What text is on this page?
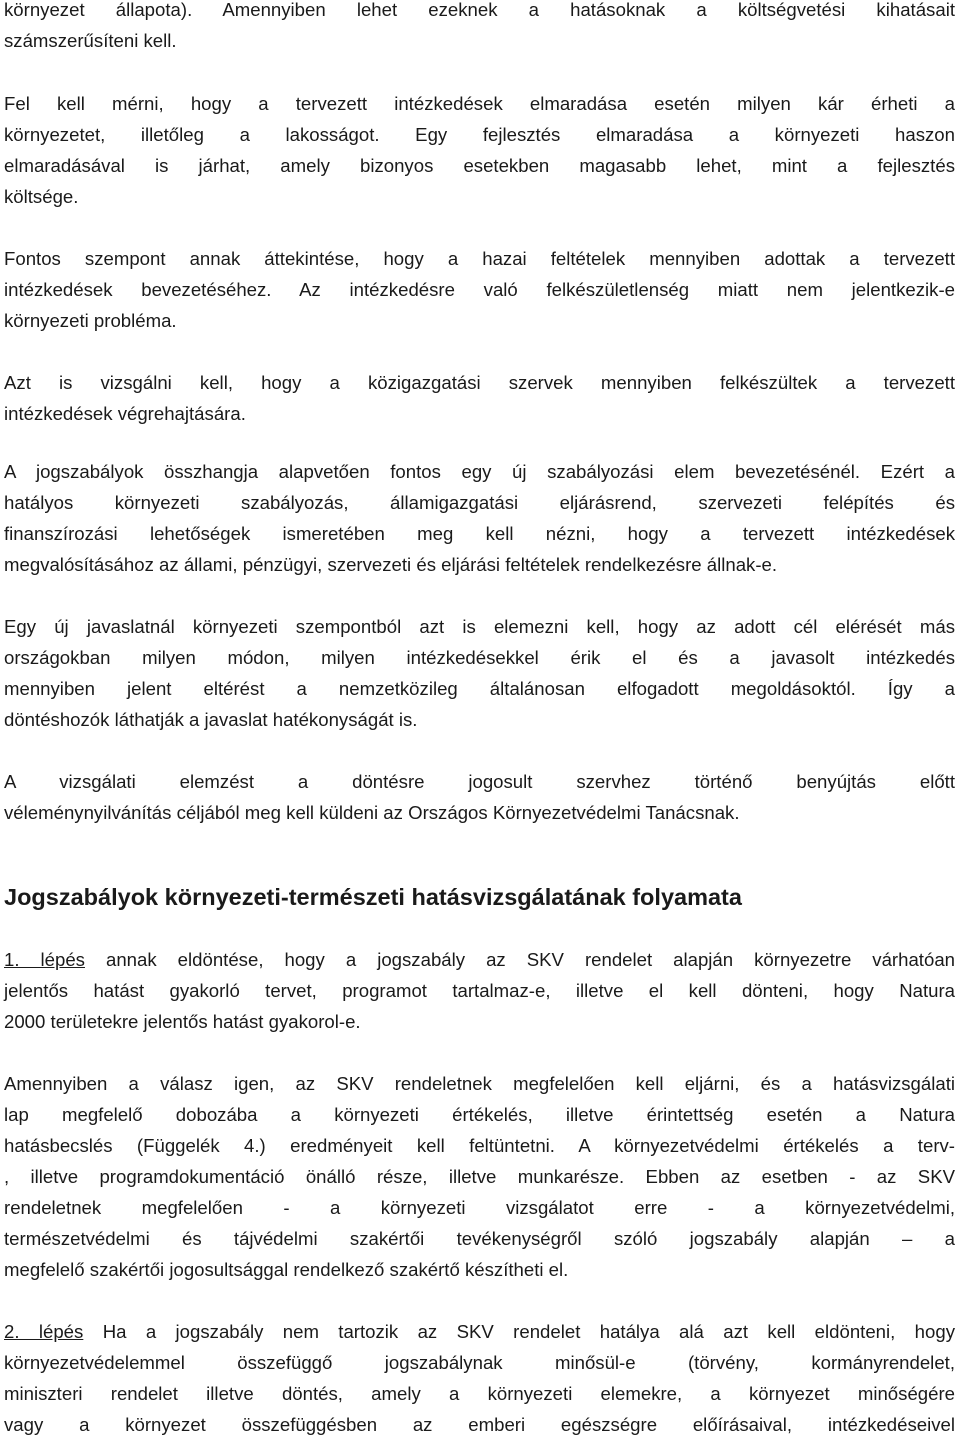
környezet állapota). Amennyiben lehet ezeknek a hatásoknak a költségvetési kihatásait
számszerűsíteni kell.
Fel kell mérni, hogy a tervezett intézkedések elmaradása esetén milyen kár érheti a
környezetet, illetőleg a lakosságot. Egy fejlesztés elmaradása a környezeti haszon
elmaradásával is járhat, amely bizonyos esetekben magasabb lehet, mint a fejlesztés
költsége.
Fontos szempont annak áttekintése, hogy a hazai feltételek mennyiben adottak a tervezett
intézkedések bevezetéséhez. Az intézkedésre való felkészületlenség miatt nem jelentkezik-e
környezeti probléma.
Azt is vizsgálni kell, hogy a közigazgatási szervek mennyiben felkészültek a tervezett
intézkedések végrehajtására.
A jogszabályok összhangja alapvetően fontos egy új szabályozási elem bevezetésénél. Ezért a
hatályos környezeti szabályozás, államigazgatási eljárásrend, szervezeti felépítés és
finanszírozási lehetőségek ismeretében meg kell nézni, hogy a tervezett intézkedések
megvalósításához az állami, pénzügyi, szervezeti és eljárási feltételek rendelkezésre állnak-e.
Egy új javaslatnál környezeti szempontból azt is elemezni kell, hogy az adott cél elérését más
országokban milyen módon, milyen intézkedésekkel érik el és a javasolt intézkedés
mennyiben jelent eltérést a nemzetközileg általánosan elfogadott megoldásoktól. Így a
döntéshozók láthatják a javaslat hatékonyságát is.
A vizsgálati elemzést a döntésre jogosult szervhez történő benyújtás előtt
véleménynyilvánítás céljából meg kell küldeni az Országos Környezetvédelmi Tanácsnak.
Jogszabályok környezeti-természeti hatásvizsgálatának folyamata
1. lépés annak eldöntése, hogy a jogszabály az SKV rendelet alapján környezetre várhatóan
jelentős hatást gyakorló tervet, programot tartalmaz-e, illetve el kell dönteni, hogy Natura
2000 területekre jelentős hatást gyakorol-e.
Amennyiben a válasz igen, az SKV rendeletnek megfelelően kell eljárni, és a hatásvizsgálati
lap megfelelő dobozába a környezeti értékelés, illetve érintettség esetén a Natura
hatásbecslés (Függelék 4.) eredményeit kell feltüntetni. A környezetvédelmi értékelés a terv-
, illetve programdokumentáció önálló része, illetve munkarésze. Ebben az esetben - az SKV
rendeletnek megfelelően - a környezeti vizsgálatot erre - a környezetvédelmi,
természetvédelmi és tájvédelmi szakértői tevékenységről szóló jogszabály alapján – a
megfelelő szakértői jogosultsággal rendelkező szakértő készítheti el.
2. lépés Ha a jogszabály nem tartozik az SKV rendelet hatálya alá azt kell eldönteni, hogy
környezetvédelemmel összefüggő jogszabálynak minősül-e (törvény, kormányrendelet,
miniszteri rendelet illetve döntés, amely a környezeti elemekre, a környezet minőségére
vagy a környezet összefüggésben az emberi egészségre előírásaival, intézkedéseivel
